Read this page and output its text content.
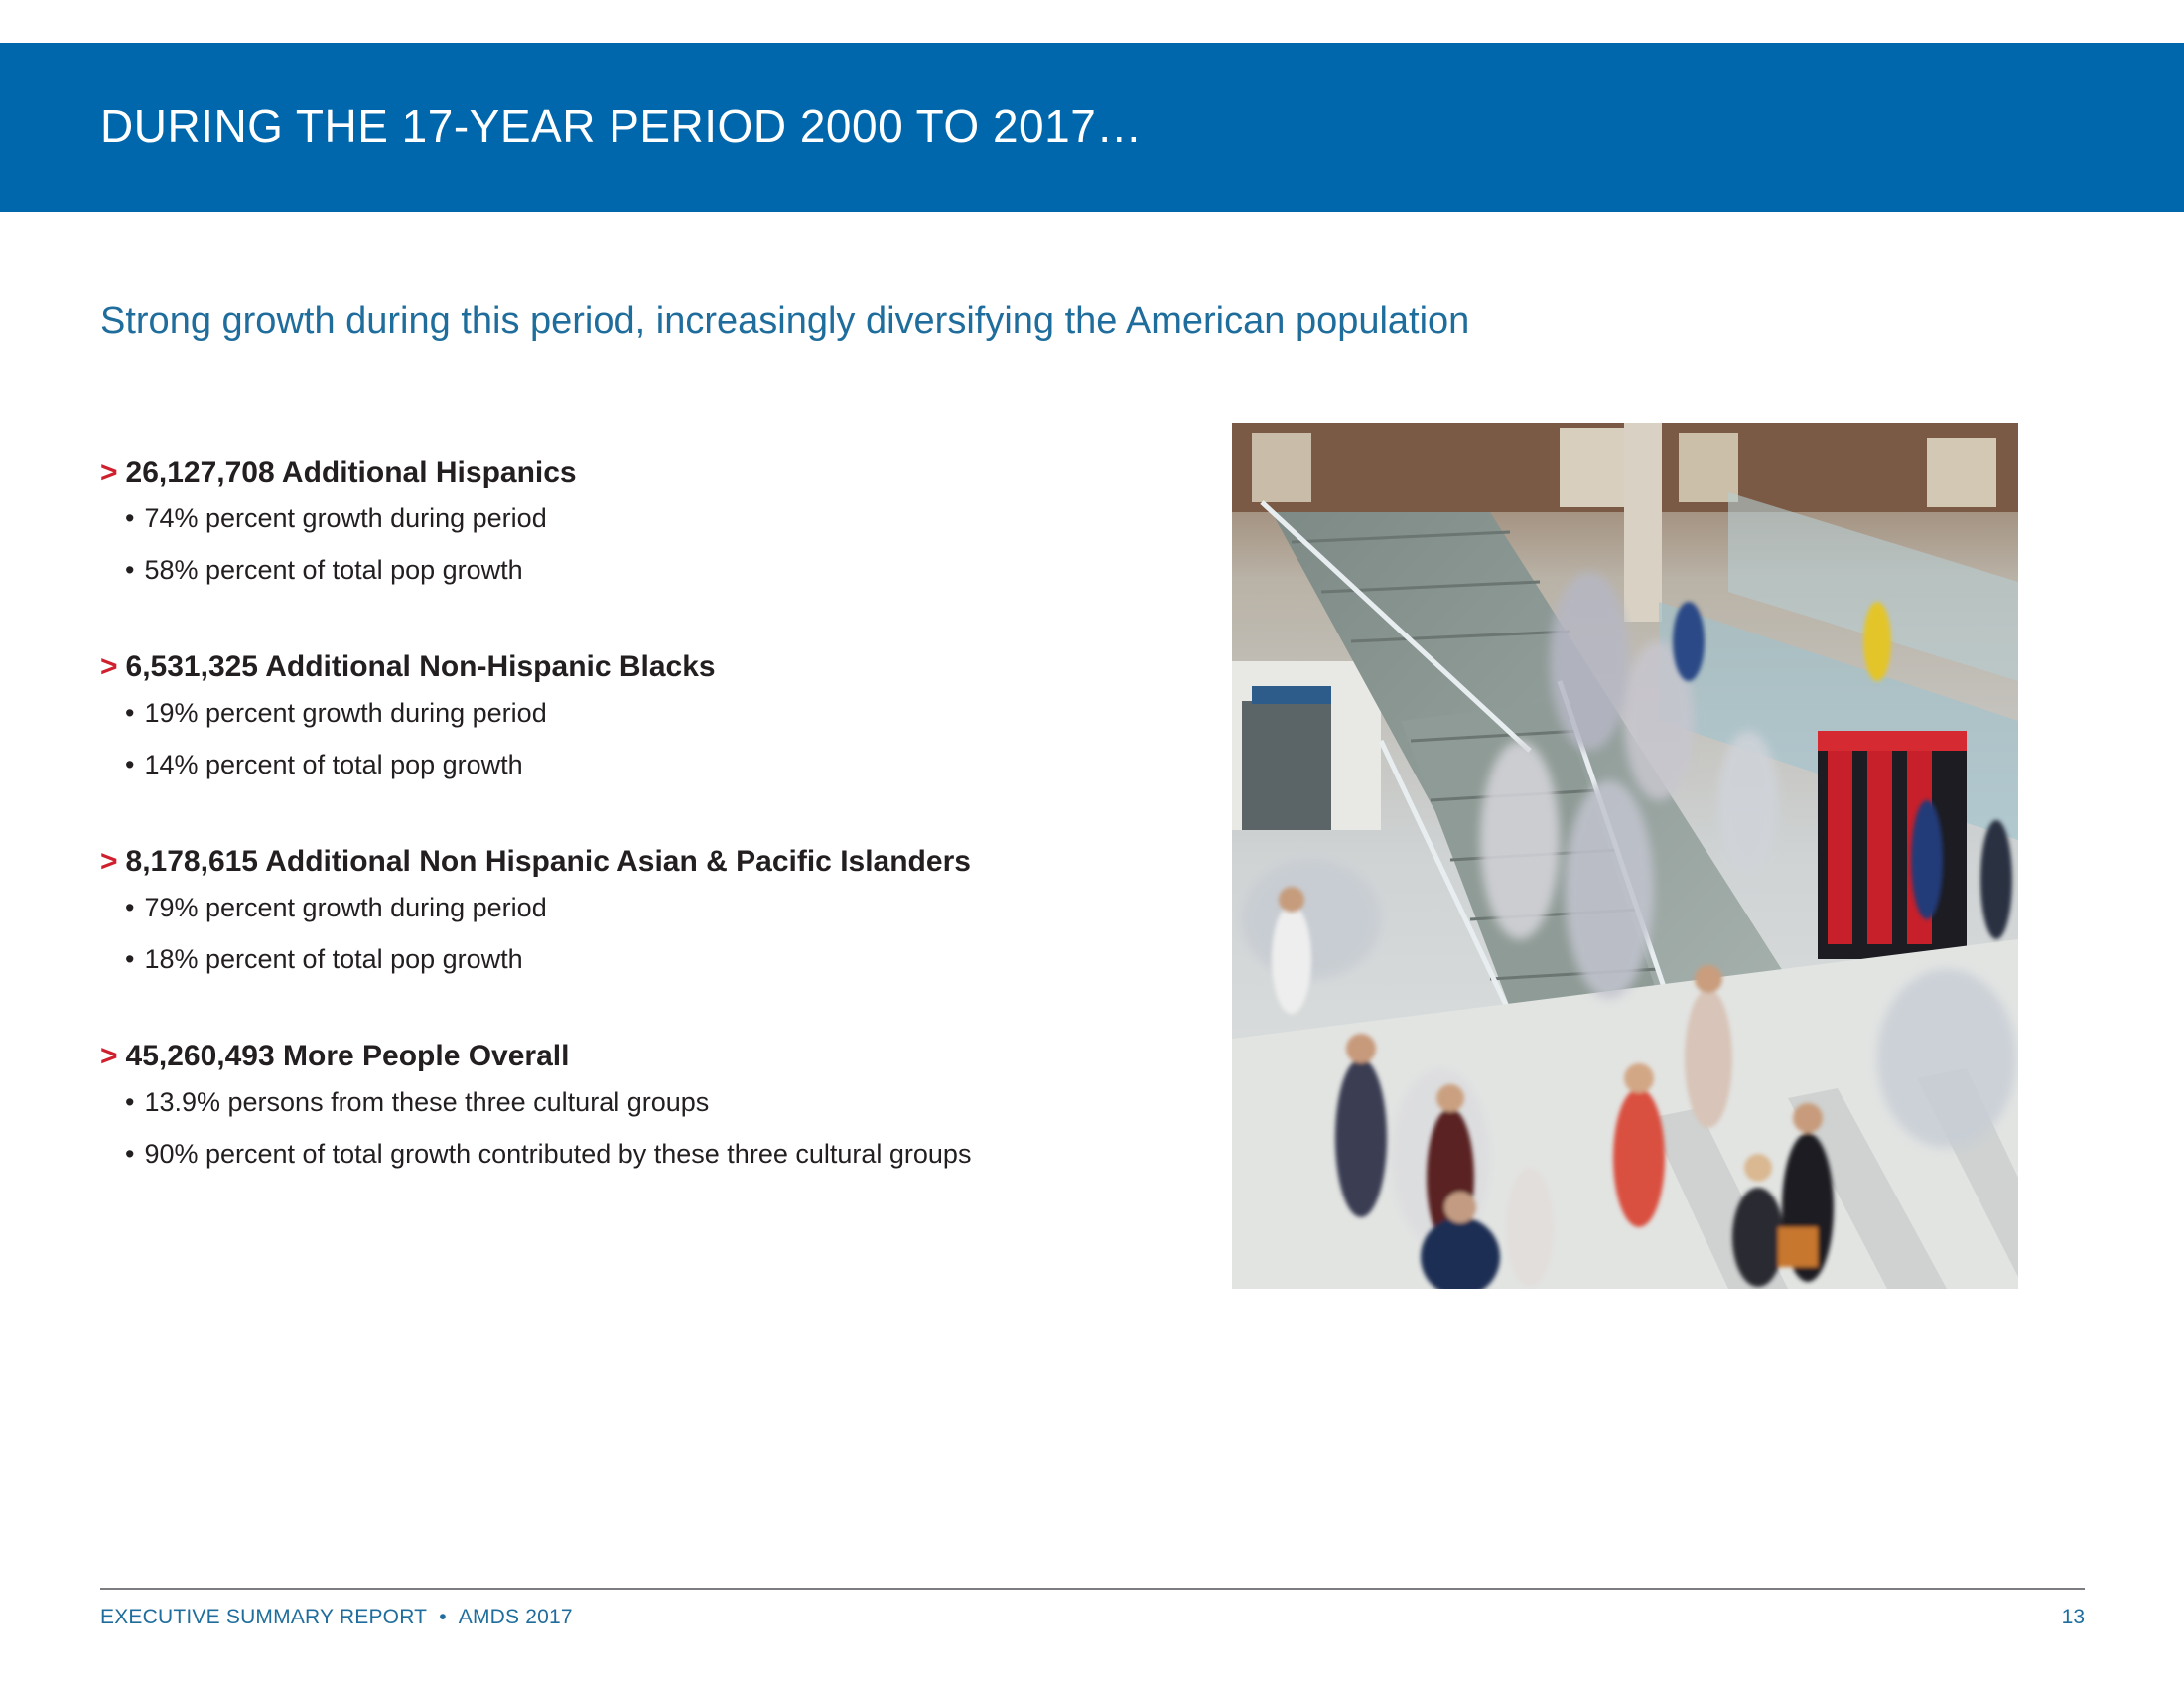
DURING THE 17-YEAR PERIOD 2000 TO 2017…
Strong growth during this period, increasingly diversifying the American population
> 26,127,708 Additional Hispanics
• 74% percent growth during period
• 58% percent of total pop growth
> 6,531,325 Additional Non-Hispanic Blacks
• 19% percent growth during period
• 14% percent of total pop growth
> 8,178,615 Additional Non Hispanic Asian & Pacific Islanders
• 79% percent growth during period
• 18% percent of total pop growth
> 45,260,493 More People Overall
• 13.9% persons from these three cultural groups
• 90% percent of total growth contributed by these three cultural groups
EXECUTIVE SUMMARY REPORT • AMDS 2017	13
